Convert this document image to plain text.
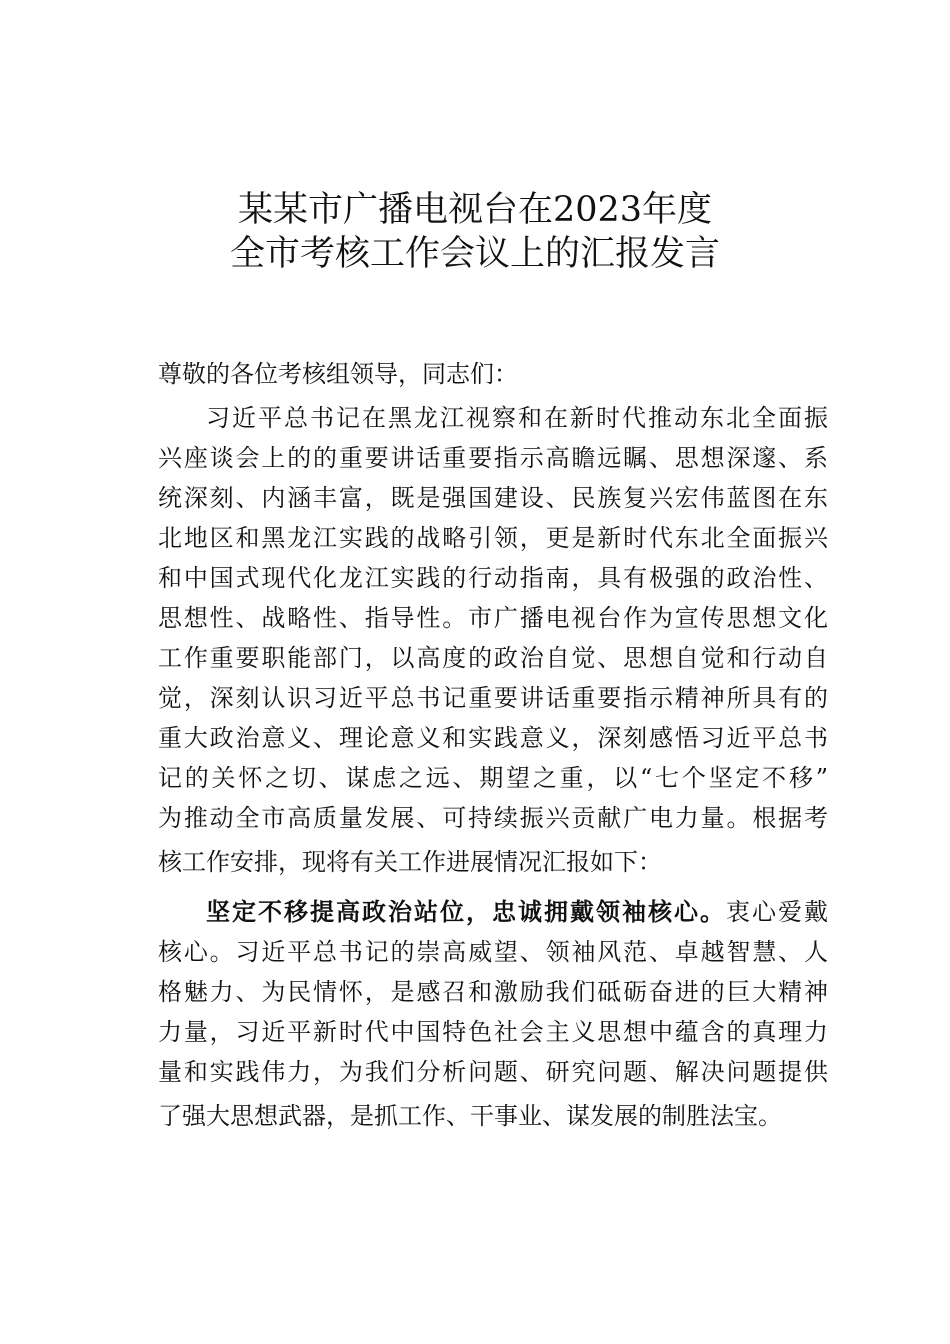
某某市广播电视台在2023年度
全市考核工作会议上的汇报发言
尊敬的各位考核组领导，同志们：
习近平总书记在黑龙江视察和在新时代推动东北全面振
兴座谈会上的的重要讲话重要指示高瞻远瞩、思想深邃、系
统深刻、内涵丰富，既是强国建设、民族复兴宏伟蓝图在东
北地区和黑龙江实践的战略引领，更是新时代东北全面振兴
和中国式现代化龙江实践的行动指南，具有极强的政治性、
思想性、战略性、指导性。市广播电视台作为宣传思想文化
工作重要职能部门，以高度的政治自觉、思想自觉和行动自
觉，深刻认识习近平总书记重要讲话重要指示精神所具有的
重大政治意义、理论意义和实践意义，深刻感悟习近平总书
记的关怀之切、谋虑之远、期望之重，以“七个坚定不移”
为推动全市高质量发展、可持续振兴贡献广电力量。根据考
核工作安排，现将有关工作进展情况汇报如下：
坚定不移提高政治站位，忠诚拥戴领袖核心。衷心爱戴
核心。习近平总书记的崇高威望、领袖风范、卓越智慧、人
格魅力、为民情怀，是感召和激励我们砥砺奋进的巨大精神
力量，习近平新时代中国特色社会主义思想中蕴含的真理力
量和实践伟力，为我们分析问题、研究问题、解决问题提供
了强大思想武器，是抓工作、干事业、谋发展的制胜法宝。
